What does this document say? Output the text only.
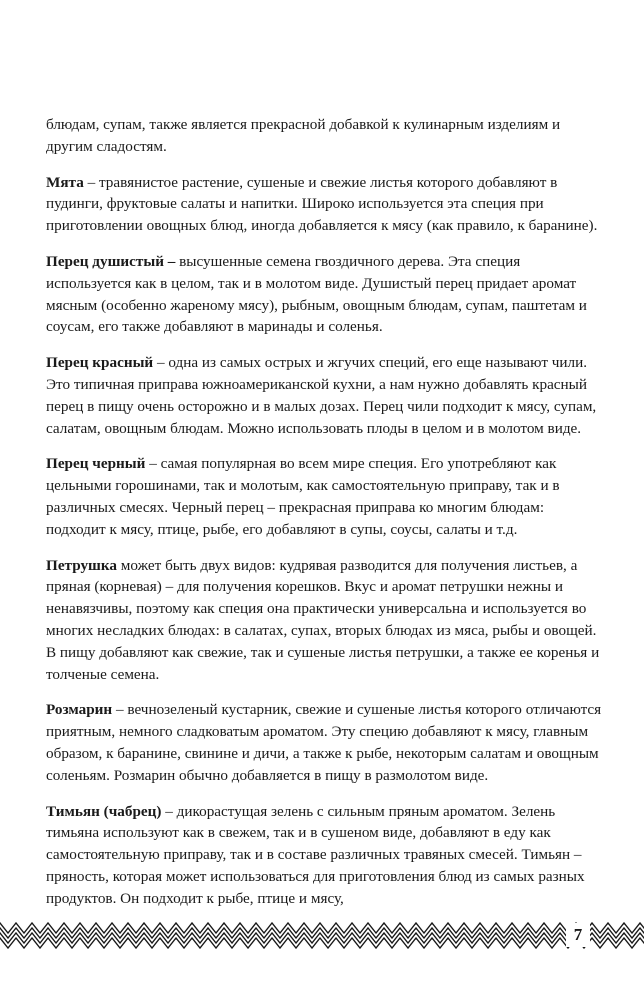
блюдам, супам, также является прекрасной добавкой к кулинарным изделиям и другим сладостям.

Мята – травянистое растение, сушеные и свежие листья которого добавляют в пудинги, фруктовые салаты и напитки. Широко используется эта специя при приготовлении овощных блюд, иногда добавляется к мясу (как правило, к баранине).

Перец душистый – высушенные семена гвоздичного дерева. Эта специя используется как в целом, так и в молотом виде. Душистый перец придает аромат мясным (особенно жареному мясу), рыбным, овощным блюдам, супам, паштетам и соусам, его также добавляют в маринады и соленья.

Перец красный – одна из самых острых и жгучих специй, его еще называют чили. Это типичная приправа южноамериканской кухни, а нам нужно добавлять красный перец в пищу очень осторожно и в малых дозах. Перец чили подходит к мясу, супам, салатам, овощным блюдам. Можно использовать плоды в целом и в молотом виде.

Перец черный – самая популярная во всем мире специя. Его употребляют как цельными горошинами, так и молотым, как самостоятельную приправу, так и в различных смесях. Черный перец – прекрасная приправа ко многим блюдам: подходит к мясу, птице, рыбе, его добавляют в супы, соусы, салаты и т.д.

Петрушка может быть двух видов: кудрявая разводится для получения листьев, а пряная (корневая) – для получения корешков. Вкус и аромат петрушки нежны и ненавязчивы, поэтому как специя она практически универсальна и используется во многих несладких блюдах: в салатах, супах, вторых блюдах из мяса, рыбы и овощей. В пищу добавляют как свежие, так и сушеные листья петрушки, а также ее коренья и толченые семена.

Розмарин – вечнозеленый кустарник, свежие и сушеные листья которого отличаются приятным, немного сладковатым ароматом. Эту специю добавляют к мясу, главным образом, к баранине, свинине и дичи, а также к рыбе, некоторым салатам и овощным соленьям. Розмарин обычно добавляется в пищу в размолотом виде.

Тимьян (чабрец) – дикорастущая зелень с сильным пряным ароматом. Зелень тимьяна используют как в свежем, так и в сушеном виде, добавляют в еду как самостоятельную приправу, так и в составе различных травяных смесей. Тимьян – пряность, которая может использоваться для приготовления блюд из самых разных продуктов. Он подходит к рыбе, птице и мясу,

7
